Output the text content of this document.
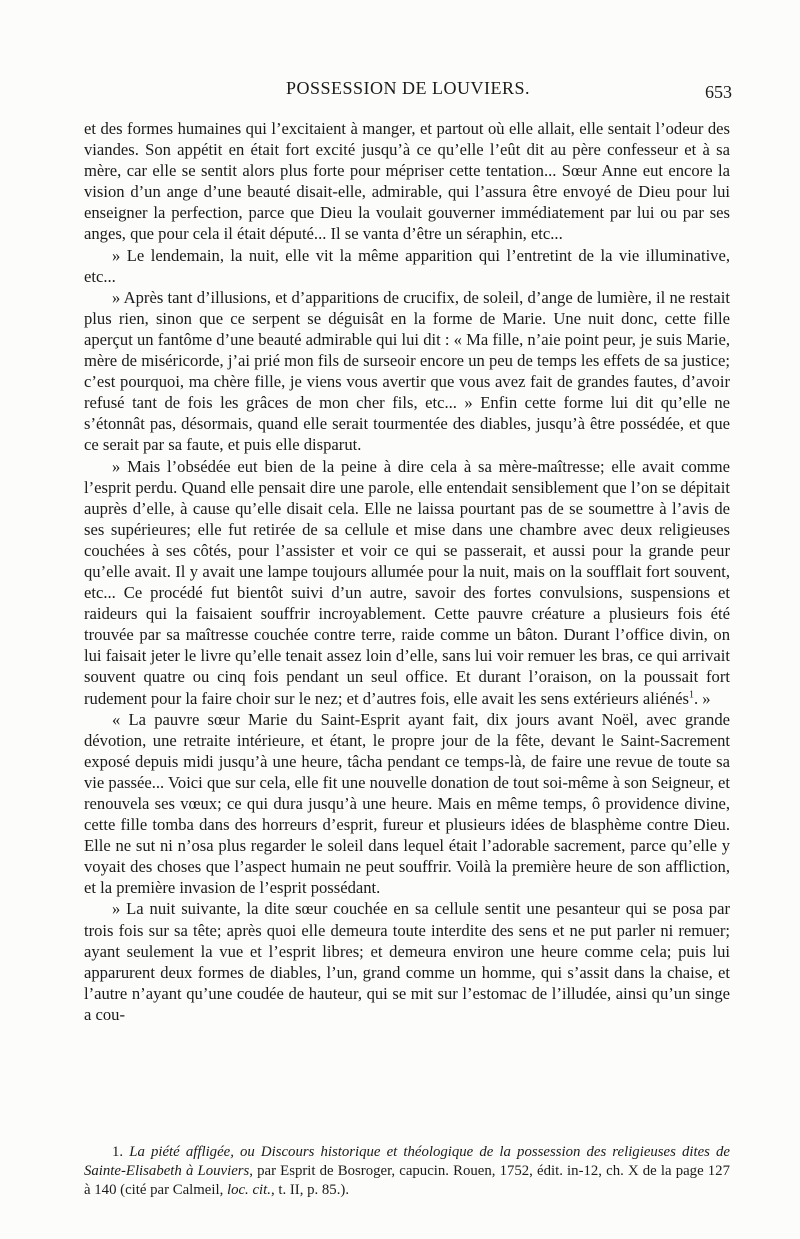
POSSESSION DE LOUVIERS.	653

et des formes humaines qui l’excitaient à manger, et partout où elle allait, elle sentait l’odeur des viandes. Son appétit en était fort excité jusqu’à ce qu’elle l’eût dit au père confesseur et à sa mère, car elle se sentit alors plus forte pour mépriser cette tentation... Sœur Anne eut encore la vision d’un ange d’une beauté disait-elle, admirable, qui l’assura être envoyé de Dieu pour lui enseigner la perfection, parce que Dieu la voulait gouverner immédiatement par lui ou par ses anges, que pour cela il était député... Il se vanta d’être un séraphin, etc...

» Le lendemain, la nuit, elle vit la même apparition qui l’entretint de la vie illuminative, etc...

» Après tant d’illusions, et d’apparitions de crucifix, de soleil, d’ange de lumière, il ne restait plus rien, sinon que ce serpent se déguisât en la forme de Marie. Une nuit donc, cette fille aperçut un fantôme d’une beauté admirable qui lui dit : « Ma fille, n’aie point peur, je suis Marie, mère de miséricorde, j’ai prié mon fils de surseoir encore un peu de temps les effets de sa justice; c’est pourquoi, ma chère fille, je viens vous avertir que vous avez fait de grandes fautes, d’avoir refusé tant de fois les grâces de mon cher fils, etc... » Enfin cette forme lui dit qu’elle ne s’étonnât pas, désormais, quand elle serait tourmentée des diables, jusqu’à être possédée, et que ce serait par sa faute, et puis elle disparut.

» Mais l’obsédée eut bien de la peine à dire cela à sa mère-maîtresse; elle avait comme l’esprit perdu. Quand elle pensait dire une parole, elle entendait sensiblement que l’on se dépitait auprès d’elle, à cause qu’elle disait cela. Elle ne laissa pourtant pas de se soumettre à l’avis de ses supérieures; elle fut retirée de sa cellule et mise dans une chambre avec deux religieuses couchées à ses côtés, pour l’assister et voir ce qui se passerait, et aussi pour la grande peur qu’elle avait. Il y avait une lampe toujours allumée pour la nuit, mais on la soufflait fort souvent, etc... Ce procédé fut bientôt suivi d’un autre, savoir des fortes convulsions, suspensions et raideurs qui la faisaient souffrir incroyablement. Cette pauvre créature a plusieurs fois été trouvée par sa maîtresse couchée contre terre, raide comme un bâton. Durant l’office divin, on lui faisait jeter le livre qu’elle tenait assez loin d’elle, sans lui voir remuer les bras, ce qui arrivait souvent quatre ou cinq fois pendant un seul office. Et durant l’oraison, on la poussait fort rudement pour la faire choir sur le nez; et d’autres fois, elle avait les sens extérieurs aliénés$^1$. »

« La pauvre sœur Marie du Saint-Esprit ayant fait, dix jours avant Noël, avec grande dévotion, une retraite intérieure, et étant, le propre jour de la fête, devant le Saint-Sacrement exposé depuis midi jusqu’à une heure, tâcha pendant ce temps-là, de faire une revue de toute sa vie passée... Voici que sur cela, elle fit une nouvelle donation de tout soi-même à son Seigneur, et renouvela ses vœux; ce qui dura jusqu’à une heure. Mais en même temps, ô providence divine, cette fille tomba dans des horreurs d’esprit, fureur et plusieurs idées de blasphème contre Dieu. Elle ne sut ni n’osa plus regarder le soleil dans lequel était l’adorable sacrement, parce qu’elle y voyait des choses que l’aspect humain ne peut souffrir. Voilà la première heure de son affliction, et la première invasion de l’esprit possédant.

» La nuit suivante, la dite sœur couchée en sa cellule sentit une pesanteur qui se posa par trois fois sur sa tête; après quoi elle demeura toute interdite des sens et ne put parler ni remuer; ayant seulement la vue et l’esprit libres; et demeura environ une heure comme cela; puis lui apparurent deux formes de diables, l’un, grand comme un homme, qui s’assit dans la chaise, et l’autre n’ayant qu’une coudée de hauteur, qui se mit sur l’estomac de l’illudée, ainsi qu’un singe a cou-

1. La piété affligée, ou Discours historique et théologique de la possession des religieuses dites de Sainte-Elisabeth à Louviers, par Esprit de Bosroger, capucin. Rouen, 1752, édit. in-12, ch. X de la page 127 à 140 (cité par Calmeil, loc. cit., t. II, p. 85.).
